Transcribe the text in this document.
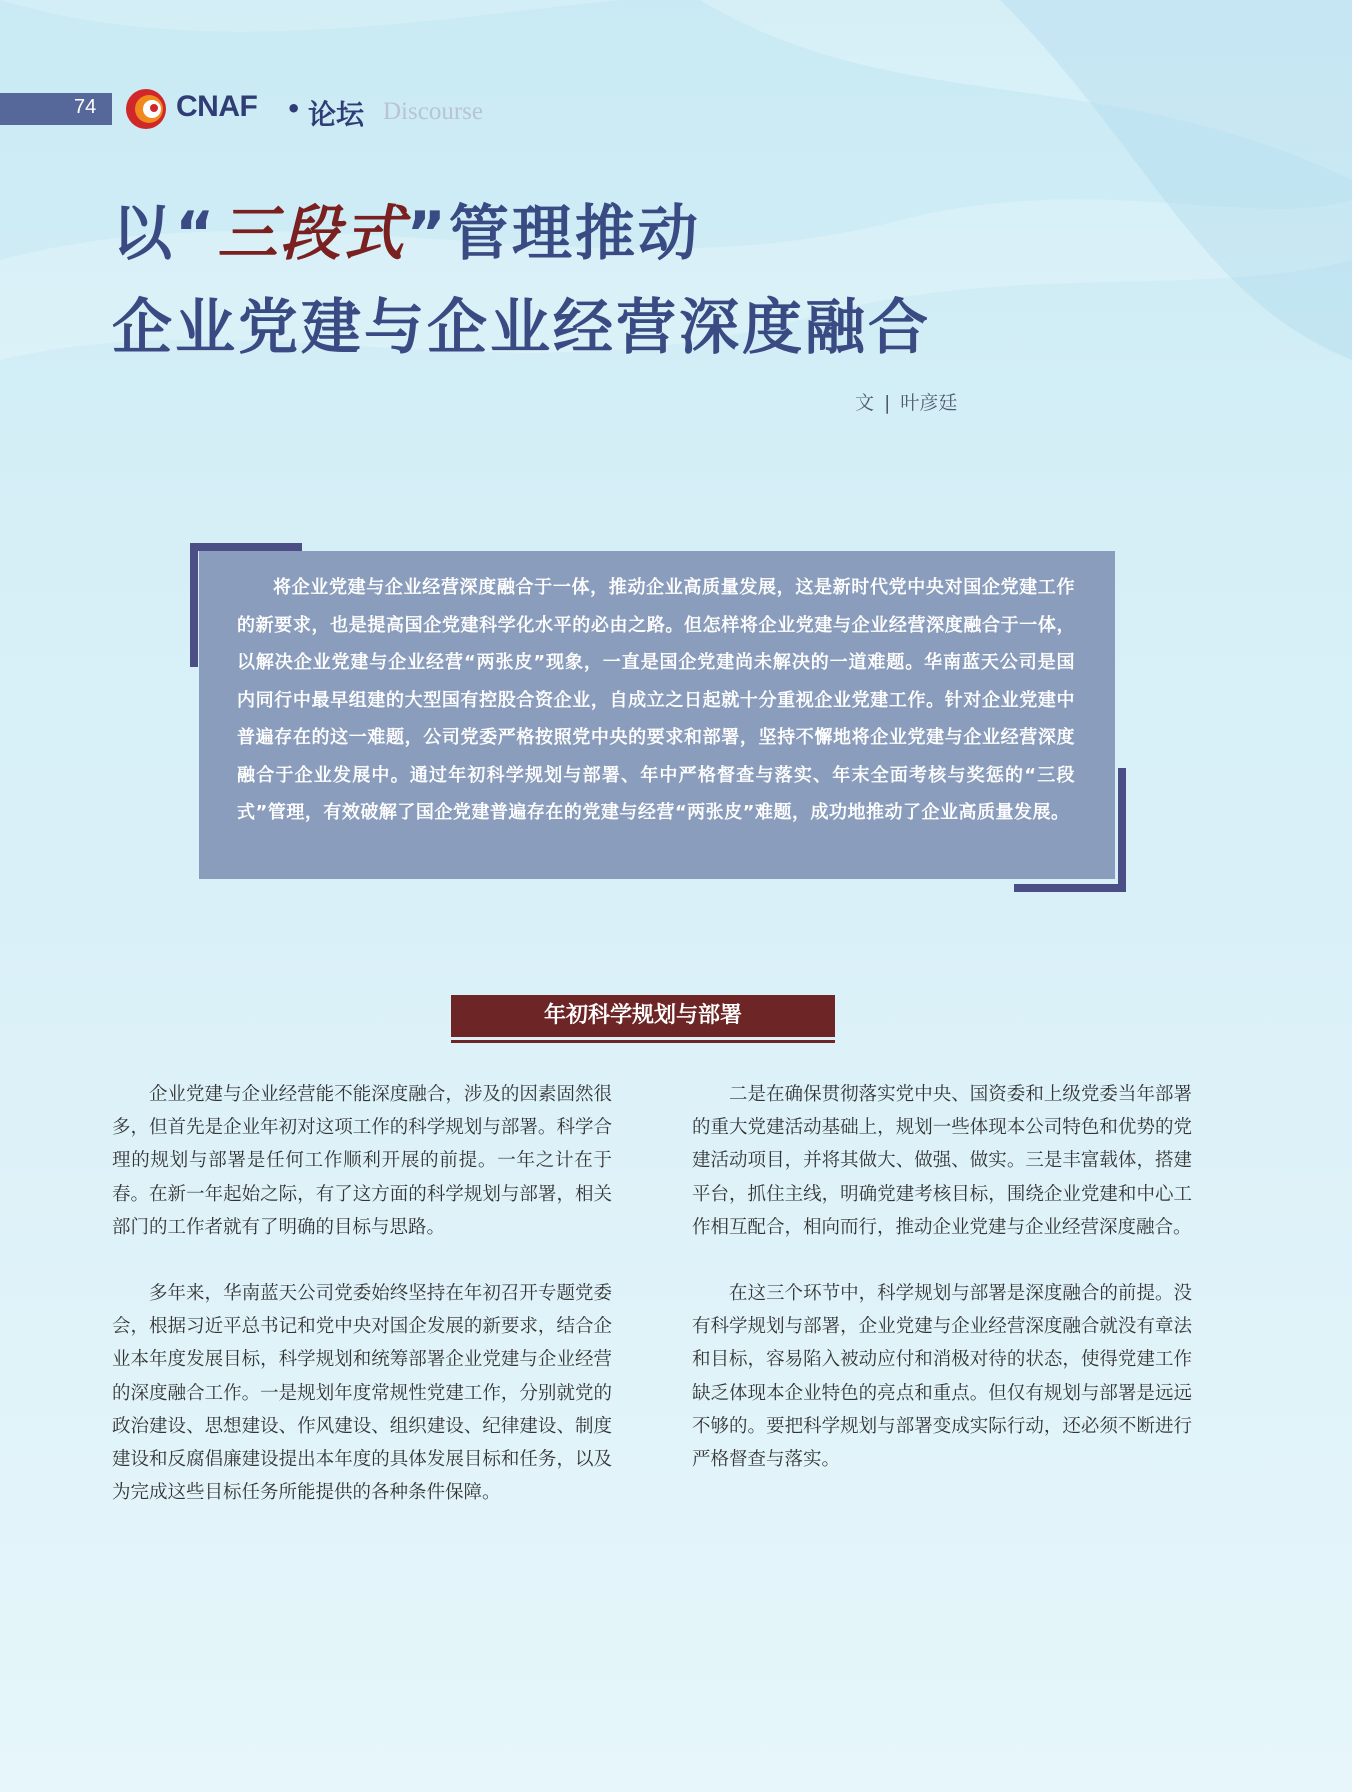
74	CNAF • 论坛 Discourse
以“三段式”管理推动
企业党建与企业经营深度融合
文 | 叶彦廷

将企业党建与企业经营深度融合于一体，推动企业高质量发展，这是新时代党中央对国企党建工作的新要求，也是提高国企党建科学化水平的必由之路。但怎样将企业党建与企业经营深度融合于一体，以解决企业党建与企业经营“两张皮”现象，一直是国企党建尚未解决的一道难题。华南蓝天公司是国内同行中最早组建的大型国有控股合资企业，自成立之日起就十分重视企业党建工作。针对企业党建中普遍存在的这一难题，公司党委严格按照党中央的要求和部署，坚持不懈地将企业党建与企业经营深度融合于企业发展中。通过年初科学规划与部署、年中严格督查与落实、年末全面考核与奖惩的“三段式”管理，有效破解了国企党建普遍存在的党建与经营“两张皮”难题，成功地推动了企业高质量发展。

年初科学规划与部署

企业党建与企业经营能不能深度融合，涉及的因素固然很多，但首先是企业年初对这项工作的科学规划与部署。科学合理的规划与部署是任何工作顺利开展的前提。一年之计在于春。在新一年起始之际，有了这方面的科学规划与部署，相关部门的工作者就有了明确的目标与思路。

多年来，华南蓝天公司党委始终坚持在年初召开专题党委会，根据习近平总书记和党中央对国企发展的新要求，结合企业本年度发展目标，科学规划和统筹部署企业党建与企业经营的深度融合工作。一是规划年度常规性党建工作，分别就党的政治建设、思想建设、作风建设、组织建设、纪律建设、制度建设和反腐倡廉建设提出本年度的具体发展目标和任务，以及为完成这些目标任务所能提供的各种条件保障。

二是在确保贯彻落实党中央、国资委和上级党委当年部署的重大党建活动基础上，规划一些体现本公司特色和优势的党建活动项目，并将其做大、做强、做实。三是丰富载体，搭建平台，抓住主线，明确党建考核目标，围绕企业党建和中心工作相互配合，相向而行，推动企业党建与企业经营深度融合。

在这三个环节中，科学规划与部署是深度融合的前提。没有科学规划与部署，企业党建与企业经营深度融合就没有章法和目标，容易陷入被动应付和消极对待的状态，使得党建工作缺乏体现本企业特色的亮点和重点。但仅有规划与部署是远远不够的。要把科学规划与部署变成实际行动，还必须不断进行严格督查与落实。
